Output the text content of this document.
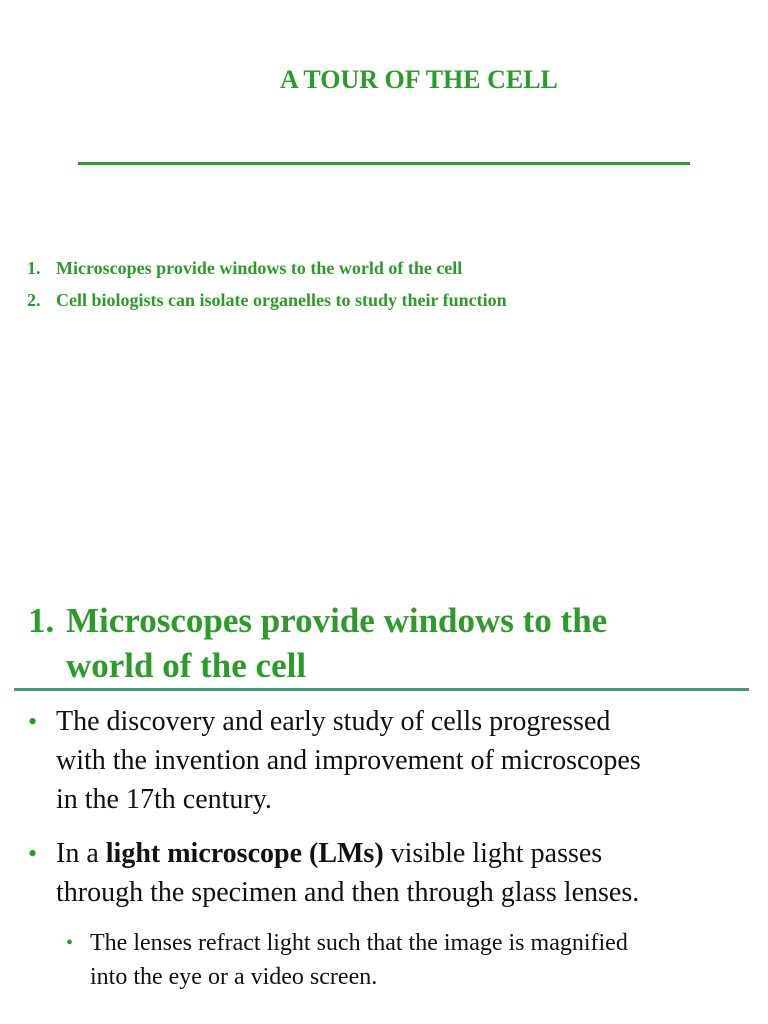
A TOUR OF THE CELL
1. Microscopes provide windows to the world of the cell
2. Cell biologists can isolate organelles to study their function
1. Microscopes provide windows to the
world of the cell
• The discovery and early study of cells progressed
with the invention and improvement of microscopes
in the 17th century.
• In a light microscope (LMs) visible light passes
through the specimen and then through glass lenses.
• The lenses refract light such that the image is magnified
into the eye or a video screen.
